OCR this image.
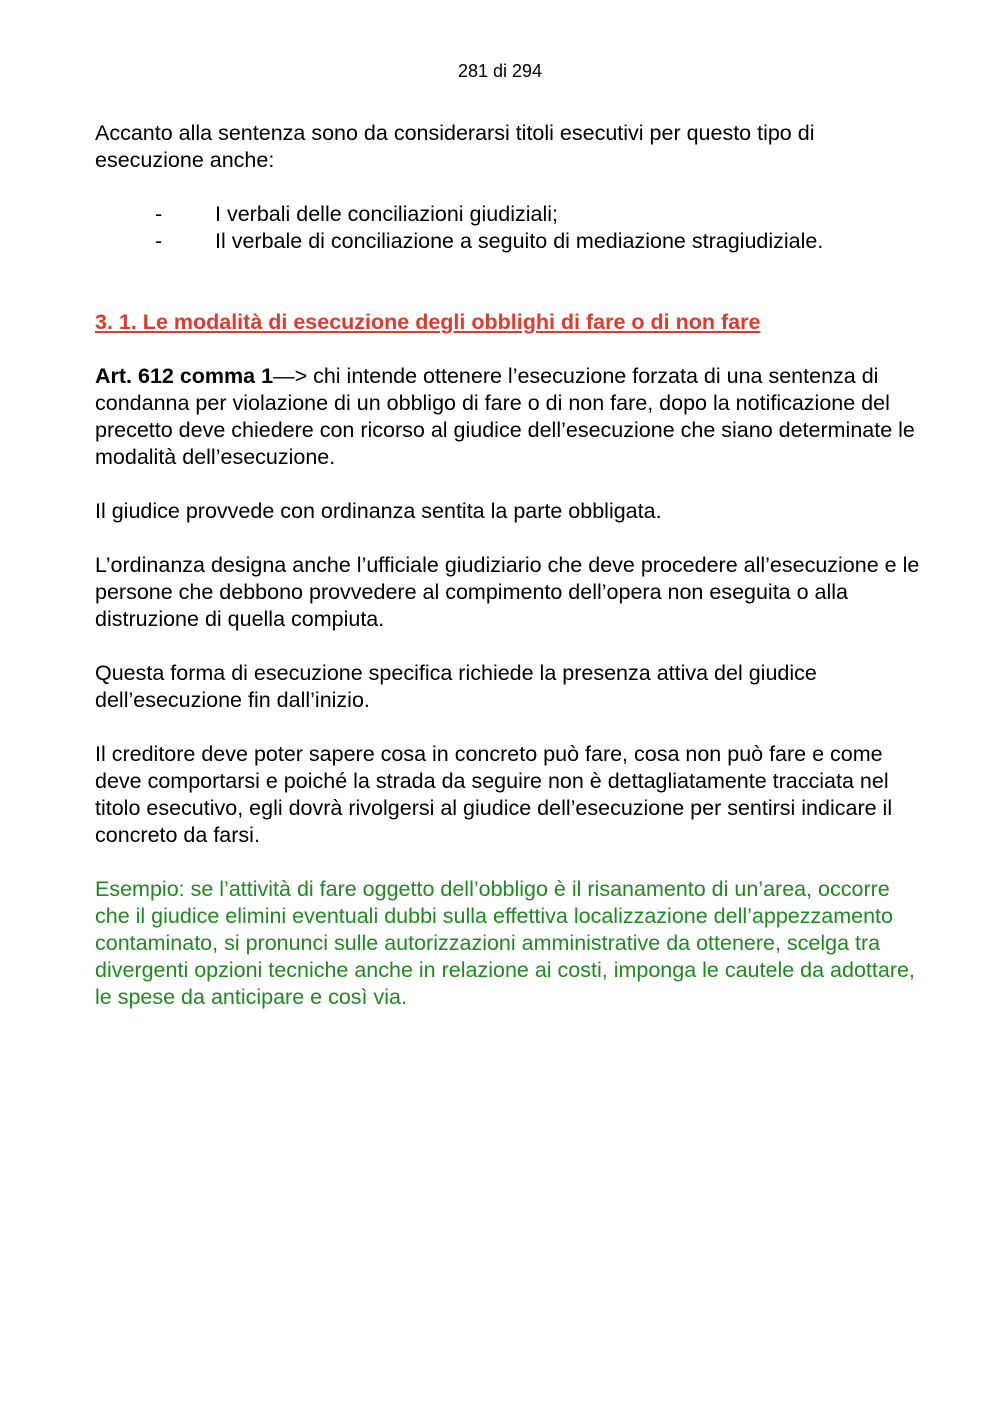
281 di 294

Accanto alla sentenza sono da considerarsi titoli esecutivi per questo tipo di esecuzione anche:

- I verbali delle conciliazioni giudiziali;
- Il verbale di conciliazione a seguito di mediazione stragiudiziale.

3. 1. Le modalità di esecuzione degli obblighi di fare o di non fare

Art. 612 comma 1—> chi intende ottenere l’esecuzione forzata di una sentenza di condanna per violazione di un obbligo di fare o di non fare, dopo la notificazione del precetto deve chiedere con ricorso al giudice dell’esecuzione che siano determinate le modalità dell’esecuzione.

Il giudice provvede con ordinanza sentita la parte obbligata.

L’ordinanza designa anche l’ufficiale giudiziario che deve procedere all’esecuzione e le persone che debbono provvedere al compimento dell’opera non eseguita o alla distruzione di quella compiuta.

Questa forma di esecuzione specifica richiede la presenza attiva del giudice dell’esecuzione fin dall’inizio.

Il creditore deve poter sapere cosa in concreto può fare, cosa non può fare e come deve comportarsi e poiché la strada da seguire non è dettagliatamente tracciata nel titolo esecutivo, egli dovrà rivolgersi al giudice dell’esecuzione per sentirsi indicare il concreto da farsi.

Esempio: se l’attività di fare oggetto dell’obbligo è il risanamento di un’area, occorre che il giudice elimini eventuali dubbi sulla effettiva localizzazione dell’appezzamento contaminato, si pronunci sulle autorizzazioni amministrative da ottenere, scelga tra divergenti opzioni tecniche anche in relazione ai costi, imponga le cautele da adottare, le spese da anticipare e così via.
